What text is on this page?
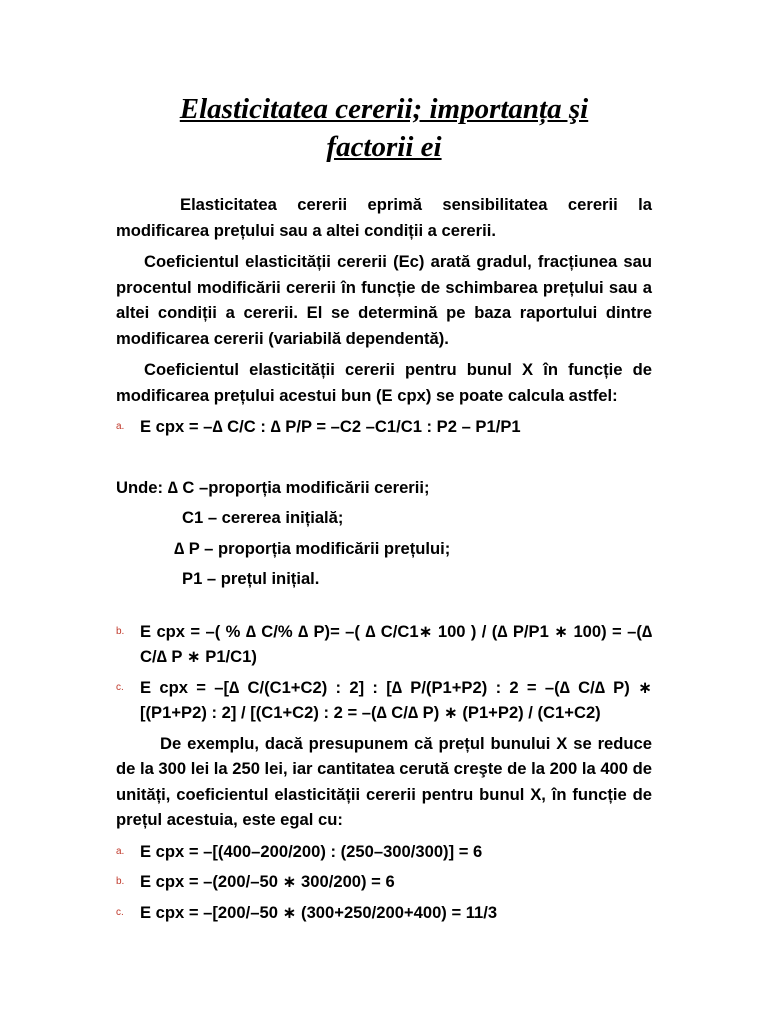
Elasticitatea cererii; importanța şi
factorii ei

Elasticitatea cererii eprimă sensibilitatea cererii la modificarea prețului sau a altei condiții a cererii.

Coeficientul elasticității cererii (Ec) arată gradul, fracțiunea sau procentul modificării cererii în funcție de schimbarea prețului sau a altei condiții a cererii. El se determină pe baza raportului dintre modificarea cererii (variabilă dependentă).

Coeficientul elasticității cererii pentru bunul X în funcție de modificarea prețului acestui bun (E cpx) se poate calcula astfel:

a. E cpx = –∆ C/C : ∆ P/P = –C2 –C1/C1 : P2 – P1/P1
Unde: ∆ C –proporția modificării cererii;
C1 – cererea inițială;
∆ P – proporția modificării prețului;
P1 – prețul inițial.
b. E cpx = –( % ∆ C/% ∆ P)= –( ∆ C/C1∗ 100 ) / (∆ P/P1 ∗ 100) = –(∆ C/∆ P ∗ P1/C1)
c. E cpx = –[∆ C/(C1+C2) : 2] : [∆ P/(P1+P2) : 2 = –(∆ C/∆ P) ∗ [(P1+P2) : 2] / [(C1+C2) : 2 = –(∆ C/∆ P) ∗ (P1+P2) / (C1+C2)

De exemplu, dacă presupunem că prețul bunului X se reduce de la 300 lei la 250 lei, iar cantitatea cerută creşte de la 200 la 400 de unități, coeficientul elasticității cererii pentru bunul X, în funcție de prețul acestuia, este egal cu:

a. E cpx = –[(400–200/200) : (250–300/300)] = 6
b. E cpx = –(200/–50 ∗ 300/200) = 6
c. E cpx = –[200/–50 ∗ (300+250/200+400) = 11/3
